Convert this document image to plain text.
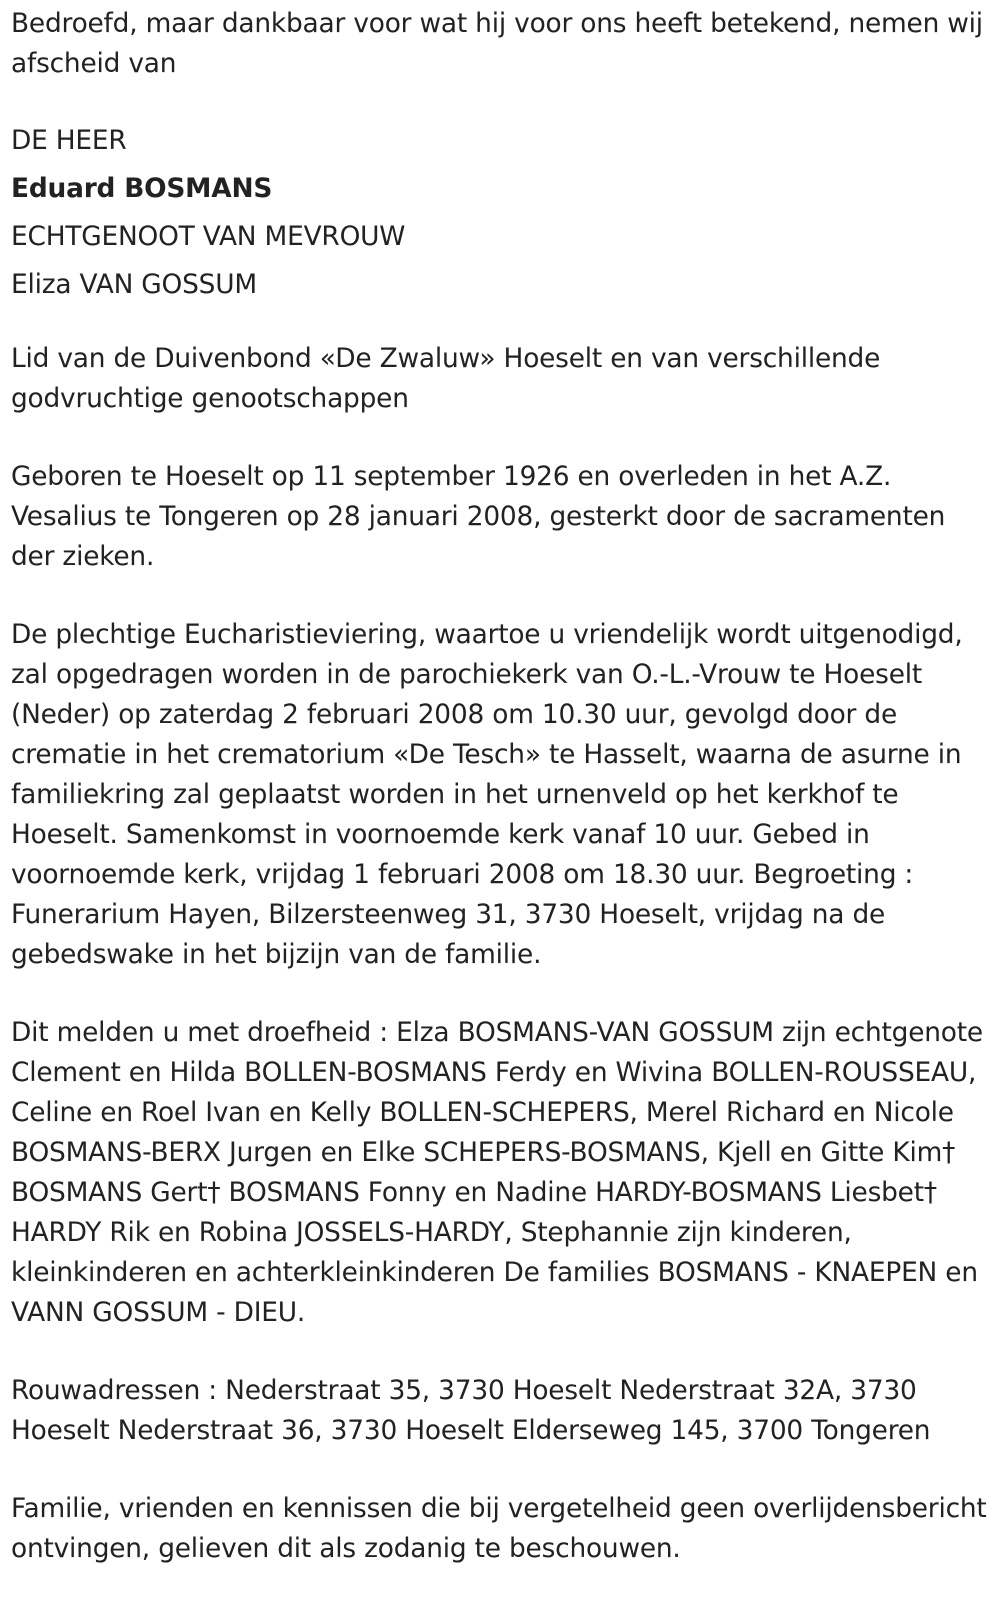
Bedroefd, maar dankbaar voor wat hij voor ons heeft betekend, nemen wij afscheid van

DE HEER

Eduard BOSMANS

ECHTGENOOT VAN MEVROUW

Eliza VAN GOSSUM

Lid van de Duivenbond «De Zwaluw» Hoeselt en van verschillende godvruchtige genootschappen

Geboren te Hoeselt op 11 september 1926 en overleden in het A.Z. Vesalius te Tongeren op 28 januari 2008, gesterkt door de sacramenten der zieken.

De plechtige Eucharistieviering, waartoe u vriendelijk wordt uitgenodigd, zal opgedragen worden in de parochiekerk van O.-L.-Vrouw te Hoeselt (Neder) op zaterdag 2 februari 2008 om 10.30 uur, gevolgd door de crematie in het crematorium «De Tesch» te Hasselt, waarna de asurne in familiekring zal geplaatst worden in het urnenveld op het kerkhof te Hoeselt. Samenkomst in voornoemde kerk vanaf 10 uur. Gebed in voornoemde kerk, vrijdag 1 februari 2008 om 18.30 uur. Begroeting : Funerarium Hayen, Bilzersteenweg 31, 3730 Hoeselt, vrijdag na de gebedswake in het bijzijn van de familie.

Dit melden u met droefheid : Elza BOSMANS-VAN GOSSUM zijn echtgenote Clement en Hilda BOLLEN-BOSMANS Ferdy en Wivina BOLLEN-ROUSSEAU, Celine en Roel Ivan en Kelly BOLLEN-SCHEPERS, Merel Richard en Nicole BOSMANS-BERX Jurgen en Elke SCHEPERS-BOSMANS, Kjell en Gitte Kim† BOSMANS Gert† BOSMANS Fonny en Nadine HARDY-BOSMANS Liesbet† HARDY Rik en Robina JOSSELS-HARDY, Stephannie zijn kinderen, kleinkinderen en achterkleinkinderen De families BOSMANS - KNAEPEN en VANN GOSSUM - DIEU.

Rouwadressen : Nederstraat 35, 3730 Hoeselt Nederstraat 32A, 3730 Hoeselt Nederstraat 36, 3730 Hoeselt Elderseweg 145, 3700 Tongeren

Familie, vrienden en kennissen die bij vergetelheid geen overlijdensbericht ontvingen, gelieven dit als zodanig te beschouwen.
